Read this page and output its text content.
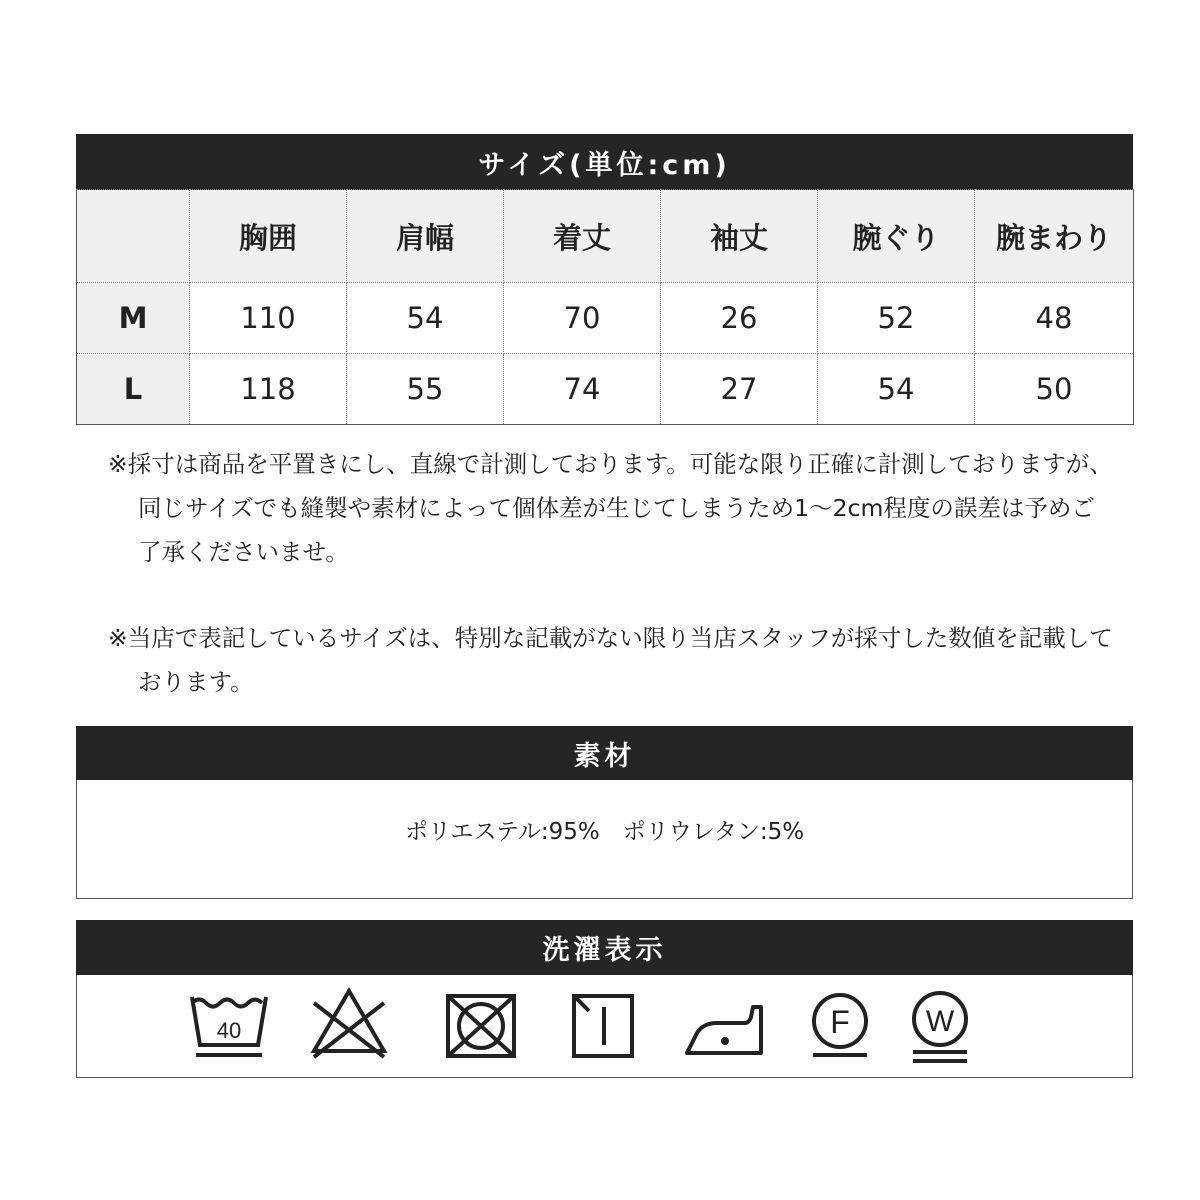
サイズ(単位:cm)
	胸囲	肩幅	着丈	袖丈	腕ぐり	腕まわり
M	110	54	70	26	52	48
L	118	55	74	27	54	50

※採寸は商品を平置きにし、直線で計測しております。可能な限り正確に計測しておりますが、同じサイズでも縫製や素材によって個体差が生じてしまうため1〜2cm程度の誤差は予めご了承くださいませ。

※当店で表記しているサイズは、特別な記載がない限り当店スタッフが採寸した数値を記載しております。

素材
ポリエステル:95%　ポリウレタン:5%
洗濯表示
40	F	W
